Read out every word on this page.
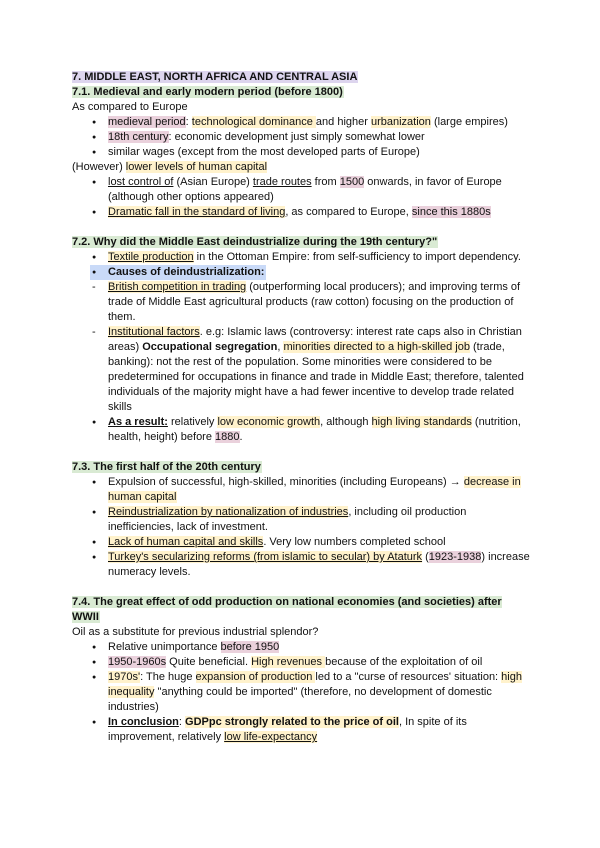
7. MIDDLE EAST, NORTH AFRICA AND CENTRAL ASIA
7.1. Medieval and early modern period (before 1800)

As compared to Europe

● medieval period: technological dominance and higher urbanization (large empires)
● 18th century: economic development just simply somewhat lower
● similar wages (except from the most developed parts of Europe)

(However) lower levels of human capital

● lost control of (Asian Europe) trade routes from 1500 onwards, in favor of Europe (although other options appeared)
● Dramatic fall in the standard of living, as compared to Europe, since this 1880s
7.2. Why did the Middle East deindustrialize during the 19th century?"
● Textile production in the Ottoman Empire: from self-sufficiency to import dependency.
● Causes of deindustrialization:
- British competition in trading (outperforming local producers); and improving terms of trade of Middle East agricultural products (raw cotton) focusing on the production of them.
- Institutional factors. e.g: Islamic laws (controversy: interest rate caps also in Christian areas) Occupational segregation, minorities directed to a high-skilled job (trade, banking): not the rest of the population. Some minorities were considered to be predetermined for occupations in finance and trade in Middle East; therefore, talented individuals of the majority might have a had fewer incentive to develop trade related skills
● As a result: relatively low economic growth, although high living standards (nutrition, health, height) before 1880.
7.3. The first half of the 20th century
● Expulsion of successful, high-skilled, minorities (including Europeans) → decrease in human capital
● Reindustrialization by nationalization of industries, including oil production inefficiencies, lack of investment.
● Lack of human capital and skills. Very low numbers completed school
● Turkey's secularizing reforms (from islamic to secular) by Ataturk (1923-1938) increase numeracy levels.
7.4. The great effect of odd production on national economies (and societies) after WWII

Oil as a substitute for previous industrial splendor?

● Relative unimportance before 1950
● 1950-1960s Quite beneficial. High revenues because of the exploitation of oil
● 1970s': The huge expansion of production led to a "curse of resources' situation: high inequality "anything could be imported" (therefore, no development of domestic industries)
● In conclusion: GDPpc strongly related to the price of oil, In spite of its improvement, relatively low life-expectancy
